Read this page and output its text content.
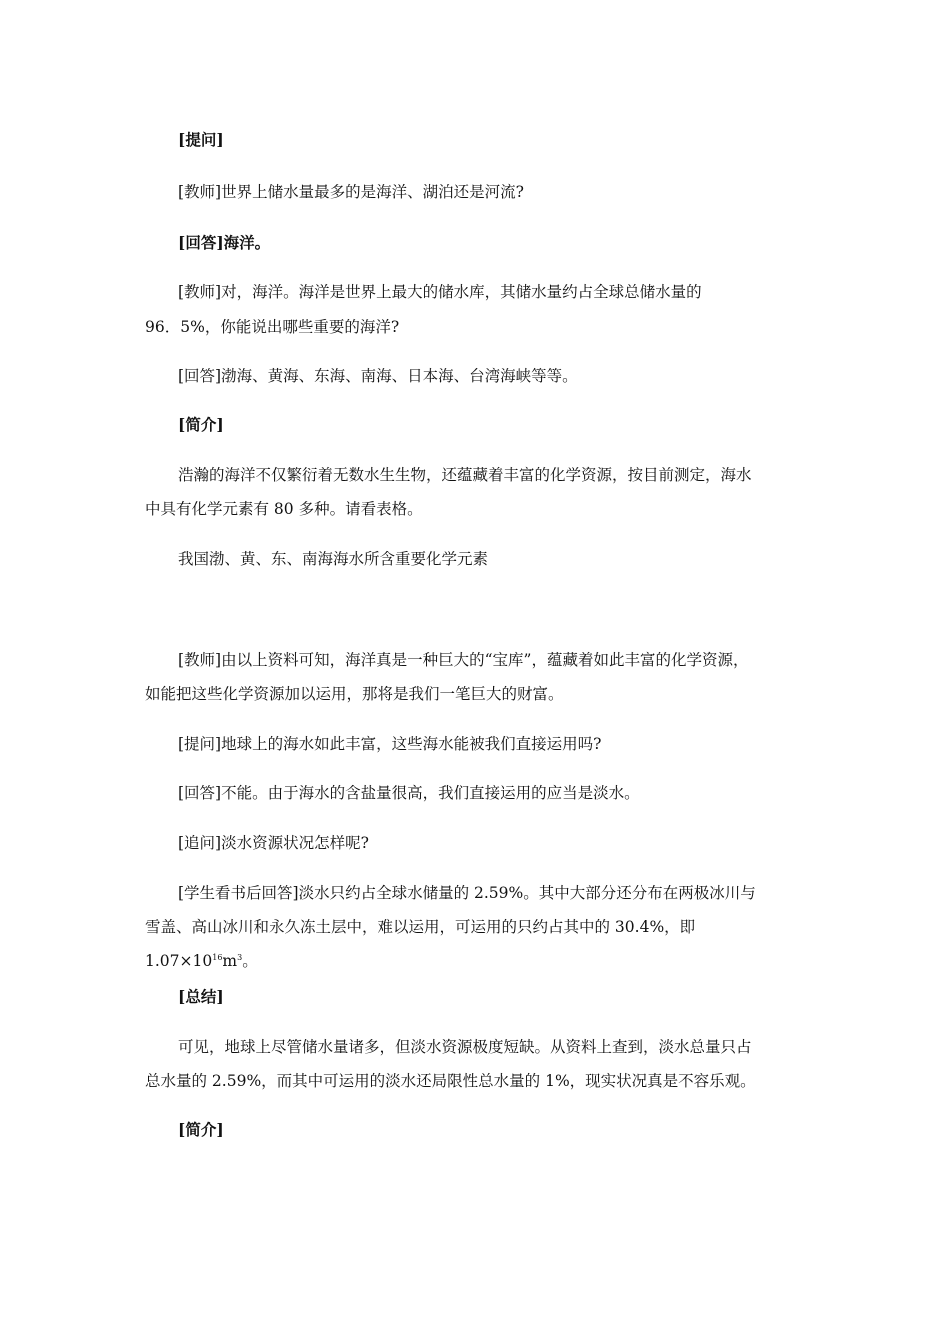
[提问]
[教师]世界上储水量最多的是海洋、湖泊还是河流?
[回答]海洋。
[教师]对，海洋。海洋是世界上最大的储水库，其储水量约占全球总储水量的
96．5%，你能说出哪些重要的海洋?
[回答]渤海、黄海、东海、南海、日本海、台湾海峡等等。
[简介]
浩瀚的海洋不仅繁衍着无数水生生物，还蕴藏着丰富的化学资源，按目前测定，海水
中具有化学元素有 80 多种。请看表格。
我国渤、黄、东、南海海水所含重要化学元素
[教师]由以上资料可知，海洋真是一种巨大的“宝库”，蕴藏着如此丰富的化学资源，
如能把这些化学资源加以运用，那将是我们一笔巨大的财富。
[提问]地球上的海水如此丰富，这些海水能被我们直接运用吗?
[回答]不能。由于海水的含盐量很高，我们直接运用的应当是淡水。
[追问]淡水资源状况怎样呢?
[学生看书后回答]淡水只约占全球水储量的 2.59%。其中大部分还分布在两极冰川与
雪盖、高山冰川和永久冻土层中，难以运用，可运用的只约占其中的 30.4%，即
$1.07\times 10^{16}m^3$。
[总结]
可见，地球上尽管储水量诸多，但淡水资源极度短缺。从资料上查到，淡水总量只占
总水量的 2.59%，而其中可运用的淡水还局限性总水量的 1%，现实状况真是不容乐观。
[简介]
